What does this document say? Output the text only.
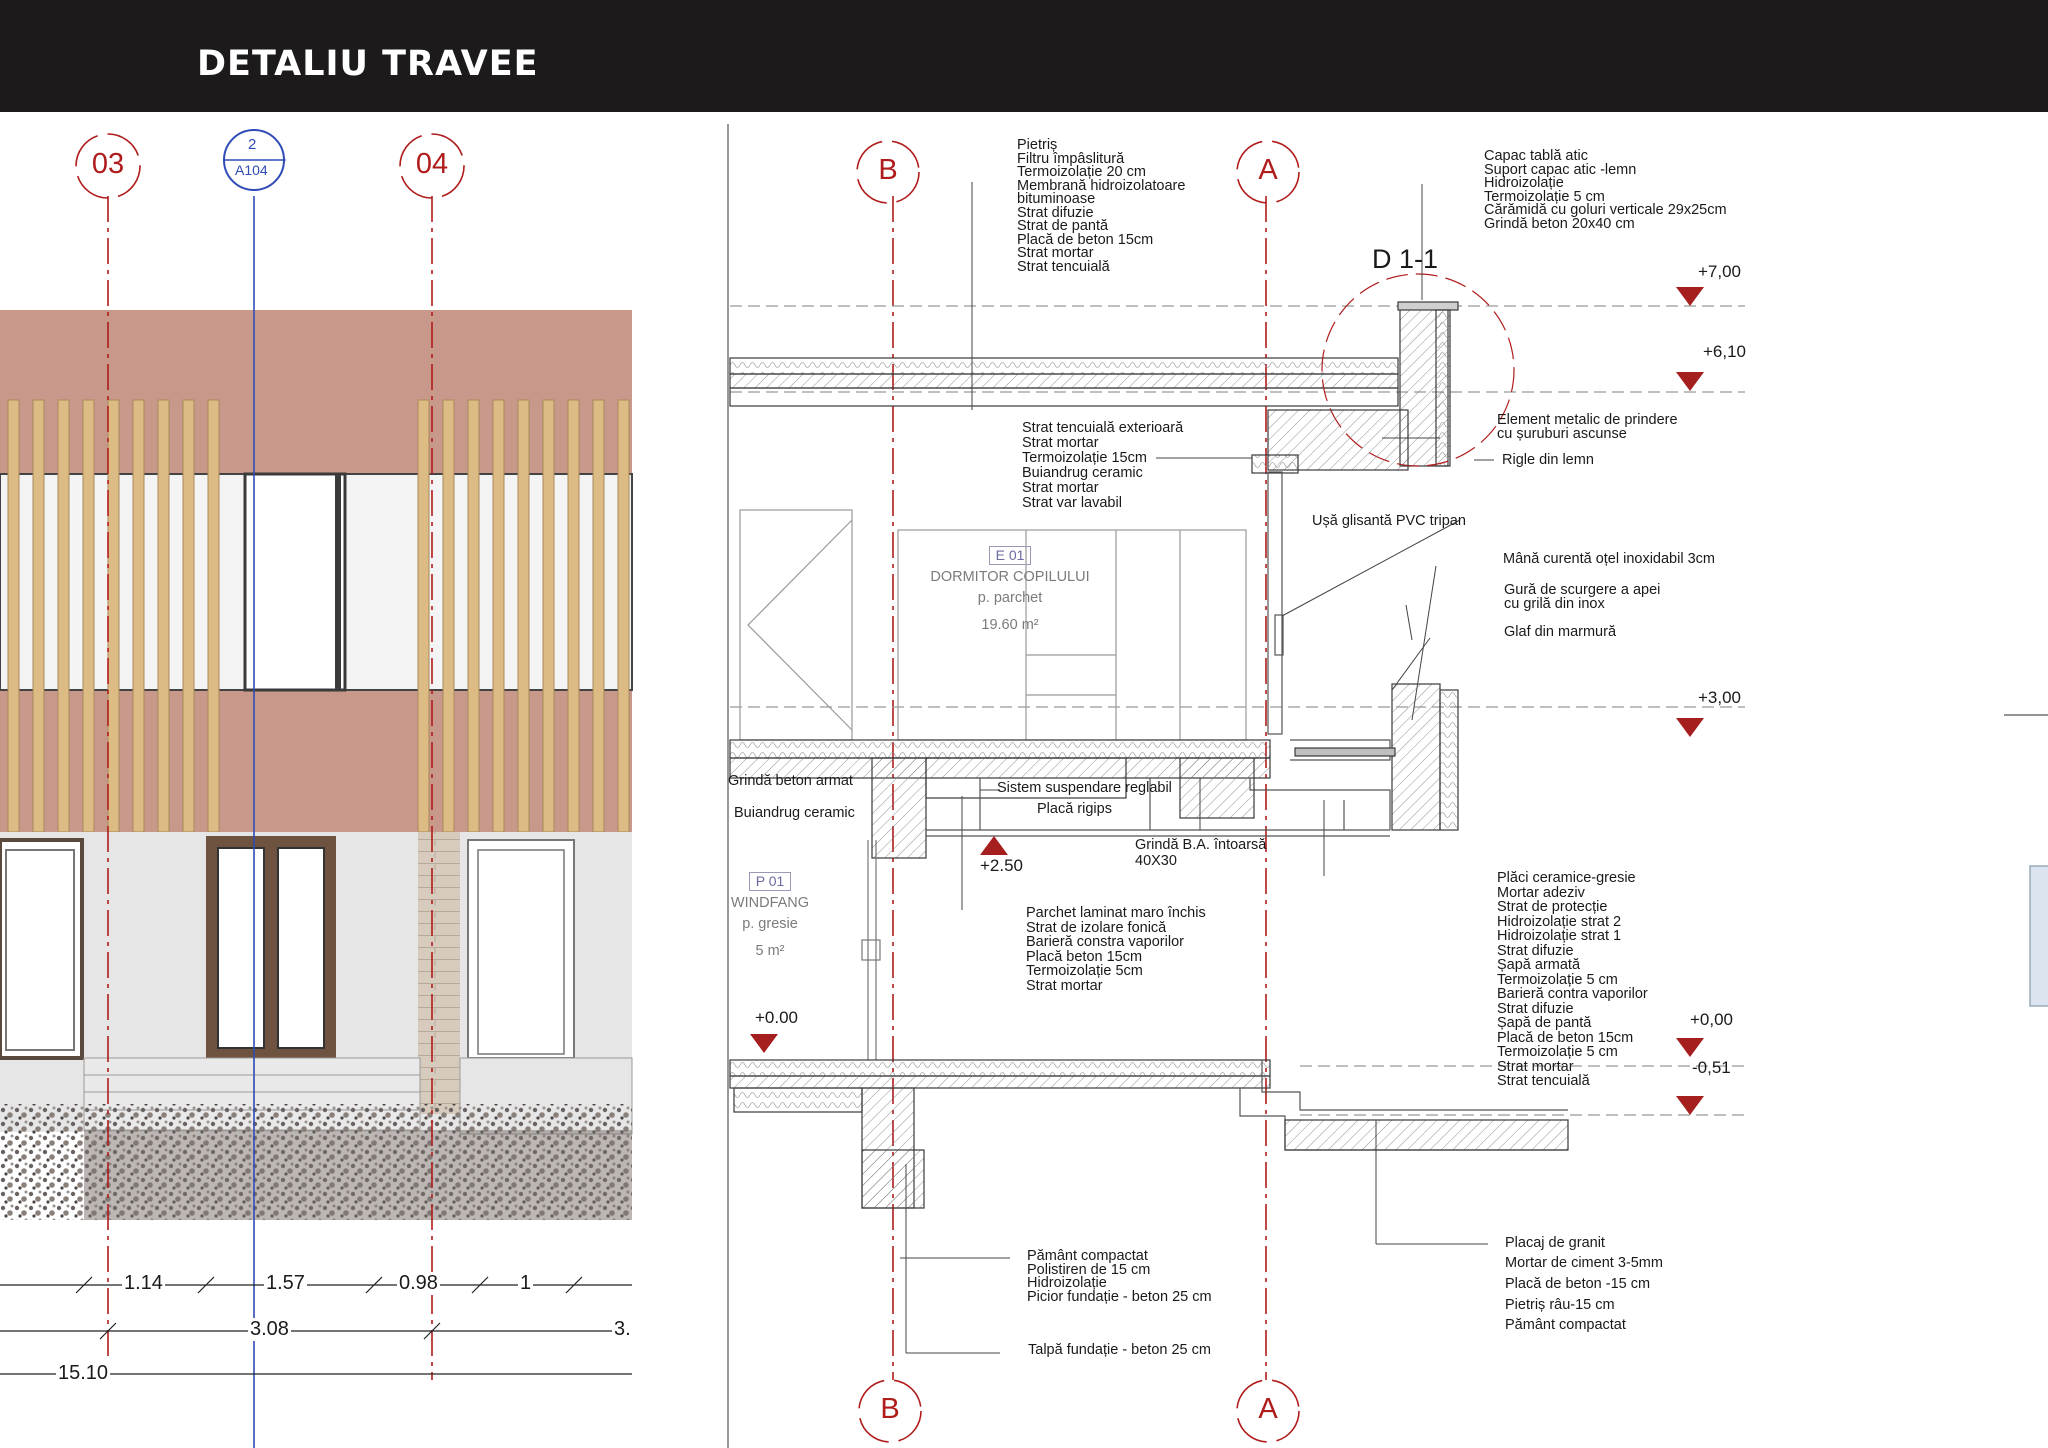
DETALIU TRAVEE
03	04
2
A104
1.14	1.57	0.98	1
3.08	3.
15.10
B	A
B	A
D 1-1	+7,00
+6,10
+3,00
+2.50
+0.00	+0,00
-0,51
E 01
DORMITOR COPILULUI
p. parchet
19.60 m²
P 01
WINDFANG
p. gresie
5 m²
Pietriș
Filtru împâslitură
Termoizolație 20 cm
Membrană hidroizolatoare
bituminoase
Strat difuzie
Strat de pantă
Placă de beton 15cm
Strat mortar
Strat tencuială
Capac tablă atic
Suport capac atic -lemn
Hidroizolație
Termoizolație 5 cm
Cărămidă cu goluri verticale 29x25cm
Grindă beton 20x40 cm
Strat tencuială exterioară
Strat mortar
Termoizolație 15cm
Buiandrug ceramic
Strat mortar
Strat var lavabil
Element metalic de prindere
cu șuruburi ascunse
Rigle din lemn
Ușă glisantă PVC tripan
Mână curentă oțel inoxidabil 3cm
Gură de scurgere a apei
cu grilă din inox
Glaf din marmură
Grindă beton armat
Buiandrug ceramic
Sistem suspendare reglabil
Placă rigips
Grindă B.A. întoarsă
40X30
Parchet laminat maro închis
Strat de izolare fonică
Barieră constra vaporilor
Placă beton 15cm
Termoizolație 5cm
Strat mortar
Plăci ceramice-gresie
Mortar adeziv
Strat de protecție
Hidroizolație strat 2
Hidroizolație strat 1
Strat difuzie
Șapă armată
Termoizolație 5 cm
Barieră contra vaporilor
Strat difuzie
Șapă de pantă
Placă de beton 15cm
Termoizolație 5 cm
Strat mortar
Strat tencuială
Pământ compactat
Polistiren de 15 cm
Hidroizolație
Picior fundație - beton 25 cm
Talpă fundație - beton 25 cm
Placaj de granit
Mortar de ciment 3-5mm
Placă de beton -15 cm
Pietriș râu-15 cm
Pământ compactat
